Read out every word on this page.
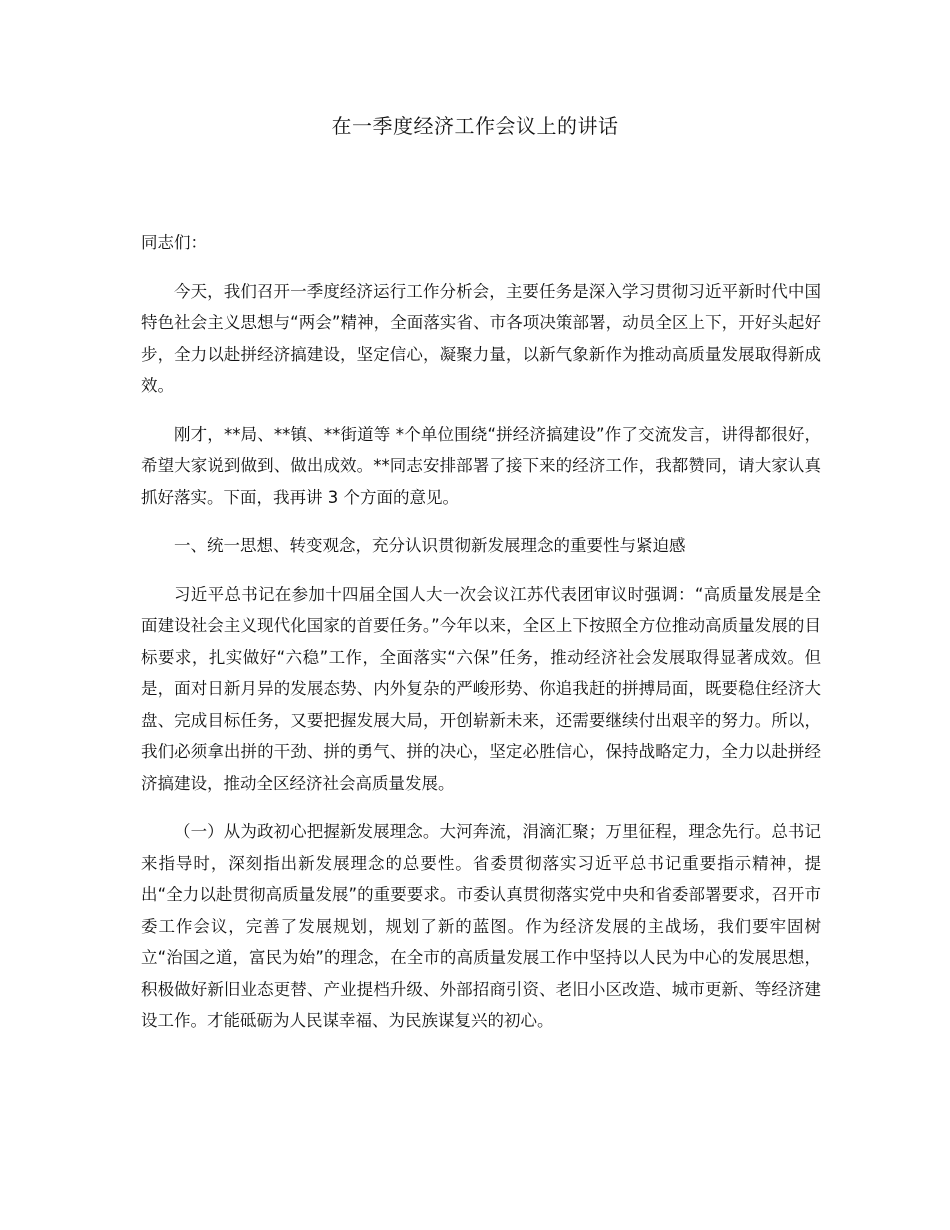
在一季度经济工作会议上的讲话

同志们：

今天，我们召开一季度经济运行工作分析会，主要任务是深入学习贯彻习近平新时代中国特色社会主义思想与“两会”精神，全面落实省、市各项决策部署，动员全区上下，开好头起好步，全力以赴拼经济搞建设，坚定信心，凝聚力量，以新气象新作为推动高质量发展取得新成效。

刚才，**局、**镇、**街道等 *个单位围绕“拼经济搞建设”作了交流发言，讲得都很好，希望大家说到做到、做出成效。**同志安排部署了接下来的经济工作，我都赞同，请大家认真抓好落实。下面，我再讲 3 个方面的意见。

一、统一思想、转变观念，充分认识贯彻新发展理念的重要性与紧迫感

习近平总书记在参加十四届全国人大一次会议江苏代表团审议时强调：“高质量发展是全面建设社会主义现代化国家的首要任务。”今年以来，全区上下按照全方位推动高质量发展的目标要求，扎实做好“六稳”工作，全面落实“六保”任务，推动经济社会发展取得显著成效。但是，面对日新月异的发展态势、内外复杂的严峻形势、你追我赶的拼搏局面，既要稳住经济大盘、完成目标任务，又要把握发展大局，开创崭新未来，还需要继续付出艰辛的努力。所以，我们必须拿出拼的干劲、拼的勇气、拼的决心，坚定必胜信心，保持战略定力，全力以赴拼经济搞建设，推动全区经济社会高质量发展。

（一）从为政初心把握新发展理念。大河奔流，涓滴汇聚；万里征程，理念先行。总书记来指导时，深刻指出新发展理念的总要性。省委贯彻落实习近平总书记重要指示精神，提出“全力以赴贯彻高质量发展”的重要要求。市委认真贯彻落实党中央和省委部署要求，召开市委工作会议，完善了发展规划，规划了新的蓝图。作为经济发展的主战场，我们要牢固树立“治国之道，富民为始”的理念，在全市的高质量发展工作中坚持以人民为中心的发展思想，积极做好新旧业态更替、产业提档升级、外部招商引资、老旧小区改造、城市更新、等经济建设工作。才能砥砺为人民谋幸福、为民族谋复兴的初心。
